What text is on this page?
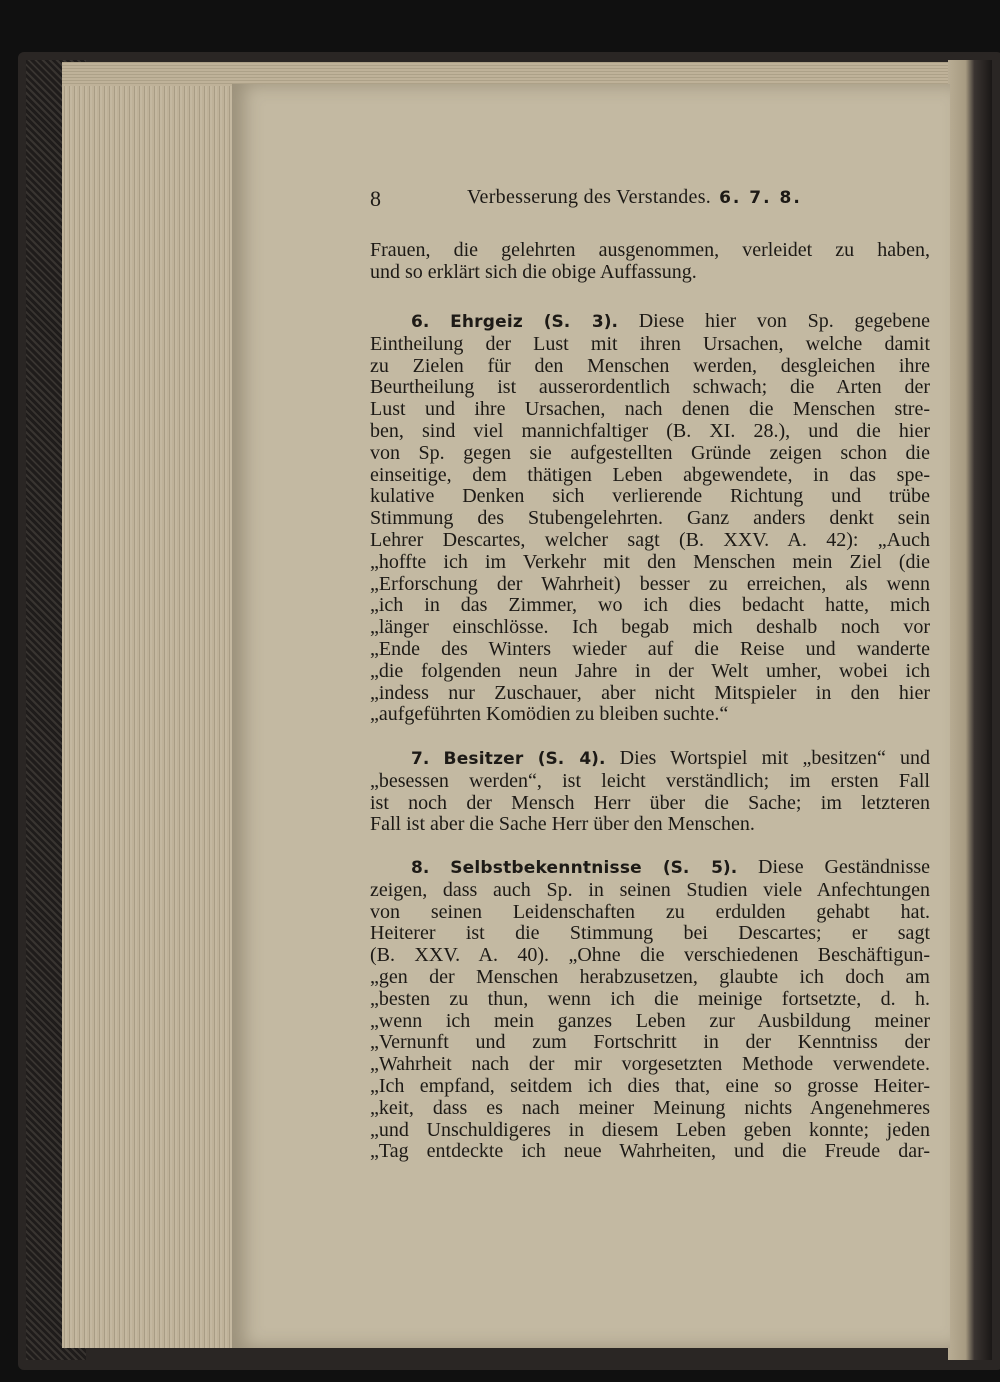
8	Verbesserung des Verstandes. 6. 7. 8.
Frauen, die gelehrten ausgenommen, verleidet zu haben,
und so erklärt sich die obige Auffassung.
6. Ehrgeiz (S. 3). Diese hier von Sp. gegebene
Eintheilung der Lust mit ihren Ursachen, welche damit
zu Zielen für den Menschen werden, desgleichen ihre
Beurtheilung ist ausserordentlich schwach; die Arten der
Lust und ihre Ursachen, nach denen die Menschen stre-
ben, sind viel mannichfaltiger (B. XI. 28.), und die hier
von Sp. gegen sie aufgestellten Gründe zeigen schon die
einseitige, dem thätigen Leben abgewendete, in das spe-
kulative Denken sich verlierende Richtung und trübe
Stimmung des Stubengelehrten. Ganz anders denkt sein
Lehrer Descartes, welcher sagt (B. XXV. A. 42): „Auch
„hoffte ich im Verkehr mit den Menschen mein Ziel (die
„Erforschung der Wahrheit) besser zu erreichen, als wenn
„ich in das Zimmer, wo ich dies bedacht hatte, mich
„länger einschlösse. Ich begab mich deshalb noch vor
„Ende des Winters wieder auf die Reise und wanderte
„die folgenden neun Jahre in der Welt umher, wobei ich
„indess nur Zuschauer, aber nicht Mitspieler in den hier
„aufgeführten Komödien zu bleiben suchte.“
7. Besitzer (S. 4). Dies Wortspiel mit „besitzen“ und
„besessen werden“, ist leicht verständlich; im ersten Fall
ist noch der Mensch Herr über die Sache; im letzteren
Fall ist aber die Sache Herr über den Menschen.
8. Selbstbekenntnisse (S. 5). Diese Geständnisse
zeigen, dass auch Sp. in seinen Studien viele Anfechtungen
von seinen Leidenschaften zu erdulden gehabt hat.
Heiterer ist die Stimmung bei Descartes; er sagt
(B. XXV. A. 40). „Ohne die verschiedenen Beschäftigun-
„gen der Menschen herabzusetzen, glaubte ich doch am
„besten zu thun, wenn ich die meinige fortsetzte, d. h.
„wenn ich mein ganzes Leben zur Ausbildung meiner
„Vernunft und zum Fortschritt in der Kenntniss der
„Wahrheit nach der mir vorgesetzten Methode verwendete.
„Ich empfand, seitdem ich dies that, eine so grosse Heiter-
„keit, dass es nach meiner Meinung nichts Angenehmeres
„und Unschuldigeres in diesem Leben geben konnte; jeden
„Tag entdeckte ich neue Wahrheiten, und die Freude dar-
